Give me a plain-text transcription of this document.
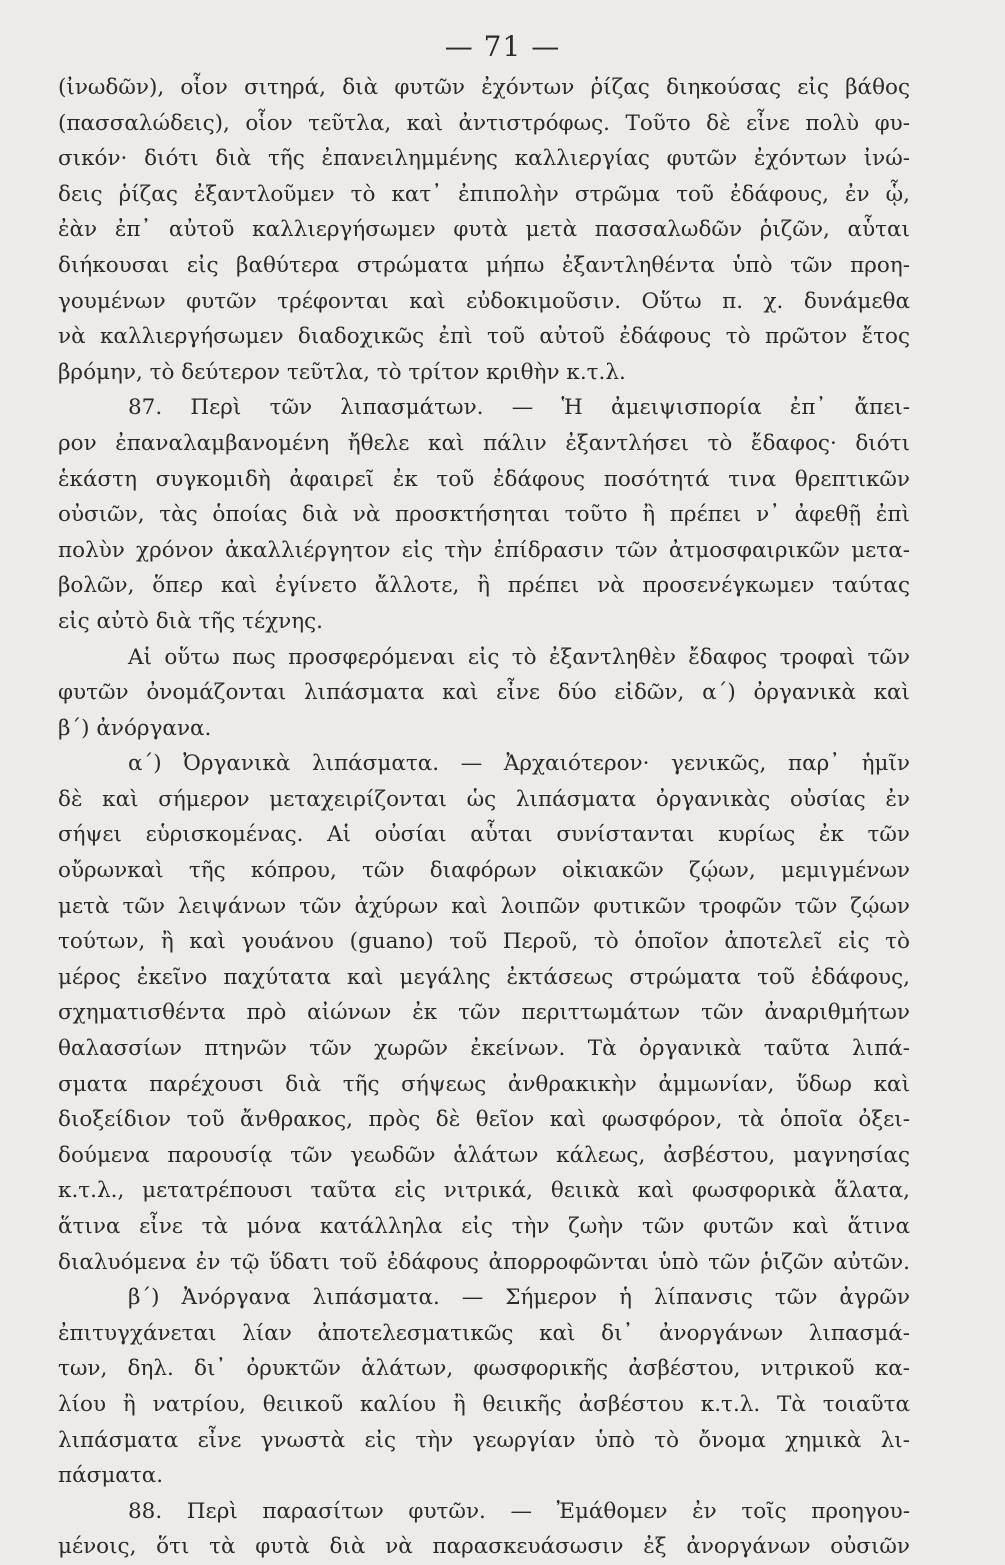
— 71 —
(ἰνωδῶν), οἷον σιτηρά, διὰ φυτῶν ἐχόντων ῥίζας διηκούσας εἰς βάθος
(πασσαλώδεις), οἷον τεῦτλα, καὶ ἀντιστρόφως. Τοῦτο δὲ εἶνε πολὺ φυ-
σικόν· διότι διὰ τῆς ἐπανειλημμένης καλλιεργίας φυτῶν ἐχόντων ἰνώ-
δεις ῥίζας ἐξαντλοῦμεν τὸ κατ᾽ ἐπιπολὴν στρῶμα τοῦ ἐδάφους, ἐν ᾧ,
ἐὰν ἐπ᾽ αὐτοῦ καλλιεργήσωμεν φυτὰ μετὰ πασσαλωδῶν ῥιζῶν, αὗται
διήκουσαι εἰς βαθύτερα στρώματα μήπω ἐξαντληθέντα ὑπὸ τῶν προη-
γουμένων φυτῶν τρέφονται καὶ εὐδοκιμοῦσιν. Οὕτω π. χ. δυνάμεθα
νὰ καλλιεργήσωμεν διαδοχικῶς ἐπὶ τοῦ αὐτοῦ ἐδάφους τὸ πρῶτον ἔτος
βρόμην, τὸ δεύτερον τεῦτλα, τὸ τρίτον κριθὴν κ.τ.λ.
87. Περὶ τῶν λιπασμάτων. — Ἡ ἀμειψισπορία ἐπ᾽ ἄπει-
ρον ἐπαναλαμβανομένη ἤθελε καὶ πάλιν ἐξαντλήσει τὸ ἔδαφος· διότι
ἑκάστη συγκομιδὴ ἀφαιρεῖ ἐκ τοῦ ἐδάφους ποσότητά τινα θρεπτικῶν
οὐσιῶν, τὰς ὁποίας διὰ νὰ προσκτήσηται τοῦτο ἢ πρέπει ν᾽ ἀφεθῇ ἐπὶ
πολὺν χρόνον ἀκαλλιέργητον εἰς τὴν ἐπίδρασιν τῶν ἀτμοσφαιρικῶν μετα-
βολῶν, ὅπερ καὶ ἐγίνετο ἄλλοτε, ἢ πρέπει νὰ προσενέγκωμεν ταύτας
εἰς αὐτὸ διὰ τῆς τέχνης.
Αἱ οὕτω πως προσφερόμεναι εἰς τὸ ἐξαντληθὲν ἔδαφος τροφαὶ τῶν
φυτῶν ὀνομάζονται λιπάσματα καὶ εἶνε δύο εἰδῶν, α´) ὀργανικὰ καὶ
β´) ἀνόργανα.
α´) Ὀργανικὰ λιπάσματα. — Ἀρχαιότερον· γενικῶς, παρ᾽ ἡμῖν
δὲ καὶ σήμερον μεταχειρίζονται ὡς λιπάσματα ὀργανικὰς οὐσίας ἐν
σήψει εὑρισκομένας. Αἱ οὐσίαι αὗται συνίστανται κυρίως ἐκ τῶν
οὔρωνκαὶ τῆς κόπρου, τῶν διαφόρων οἰκιακῶν ζῴων, μεμιγμένων
μετὰ τῶν λειψάνων τῶν ἀχύρων καὶ λοιπῶν φυτικῶν τροφῶν τῶν ζῴων
τούτων, ἢ καὶ γουάνου (guano) τοῦ Περοῦ, τὸ ὁποῖον ἀποτελεῖ εἰς τὸ
μέρος ἐκεῖνο παχύτατα καὶ μεγάλης ἐκτάσεως στρώματα τοῦ ἐδάφους,
σχηματισθέντα πρὸ αἰώνων ἐκ τῶν περιττωμάτων τῶν ἀναριθμήτων
θαλασσίων πτηνῶν τῶν χωρῶν ἐκείνων. Τὰ ὀργανικὰ ταῦτα λιπά-
σματα παρέχουσι διὰ τῆς σήψεως ἀνθρακικὴν ἀμμωνίαν, ὕδωρ καὶ
διοξείδιον τοῦ ἄνθρακος, πρὸς δὲ θεῖον καὶ φωσφόρον, τὰ ὁποῖα ὀξει-
δούμενα παρουσίᾳ τῶν γεωδῶν ἁλάτων κάλεως, ἀσβέστου, μαγνησίας
κ.τ.λ., μετατρέπουσι ταῦτα εἰς νιτρικά, θειικὰ καὶ φωσφορικὰ ἅλατα,
ἅτινα εἶνε τὰ μόνα κατάλληλα εἰς τὴν ζωὴν τῶν φυτῶν καὶ ἅτινα
διαλυόμενα ἐν τῷ ὕδατι τοῦ ἐδάφους ἀπορροφῶνται ὑπὸ τῶν ῥιζῶν αὐτῶν.
β´) Ἀνόργανα λιπάσματα. — Σήμερον ἡ λίπανσις τῶν ἀγρῶν
ἐπιτυγχάνεται λίαν ἀποτελεσματικῶς καὶ δι᾽ ἀνοργάνων λιπασμά-
των, δηλ. δι᾽ ὀρυκτῶν ἁλάτων, φωσφορικῆς ἀσβέστου, νιτρικοῦ κα-
λίου ἢ νατρίου, θειικοῦ καλίου ἢ θειικῆς ἀσβέστου κ.τ.λ. Τὰ τοιαῦτα
λιπάσματα εἶνε γνωστὰ εἰς τὴν γεωργίαν ὑπὸ τὸ ὄνομα χημικὰ λι-
πάσματα.
88. Περὶ παρασίτων φυτῶν. — Ἐμάθομεν ἐν τοῖς προηγου-
μένοις, ὅτι τὰ φυτὰ διὰ νὰ παρασκευάσωσιν ἐξ ἀνοργάνων οὐσιῶν
